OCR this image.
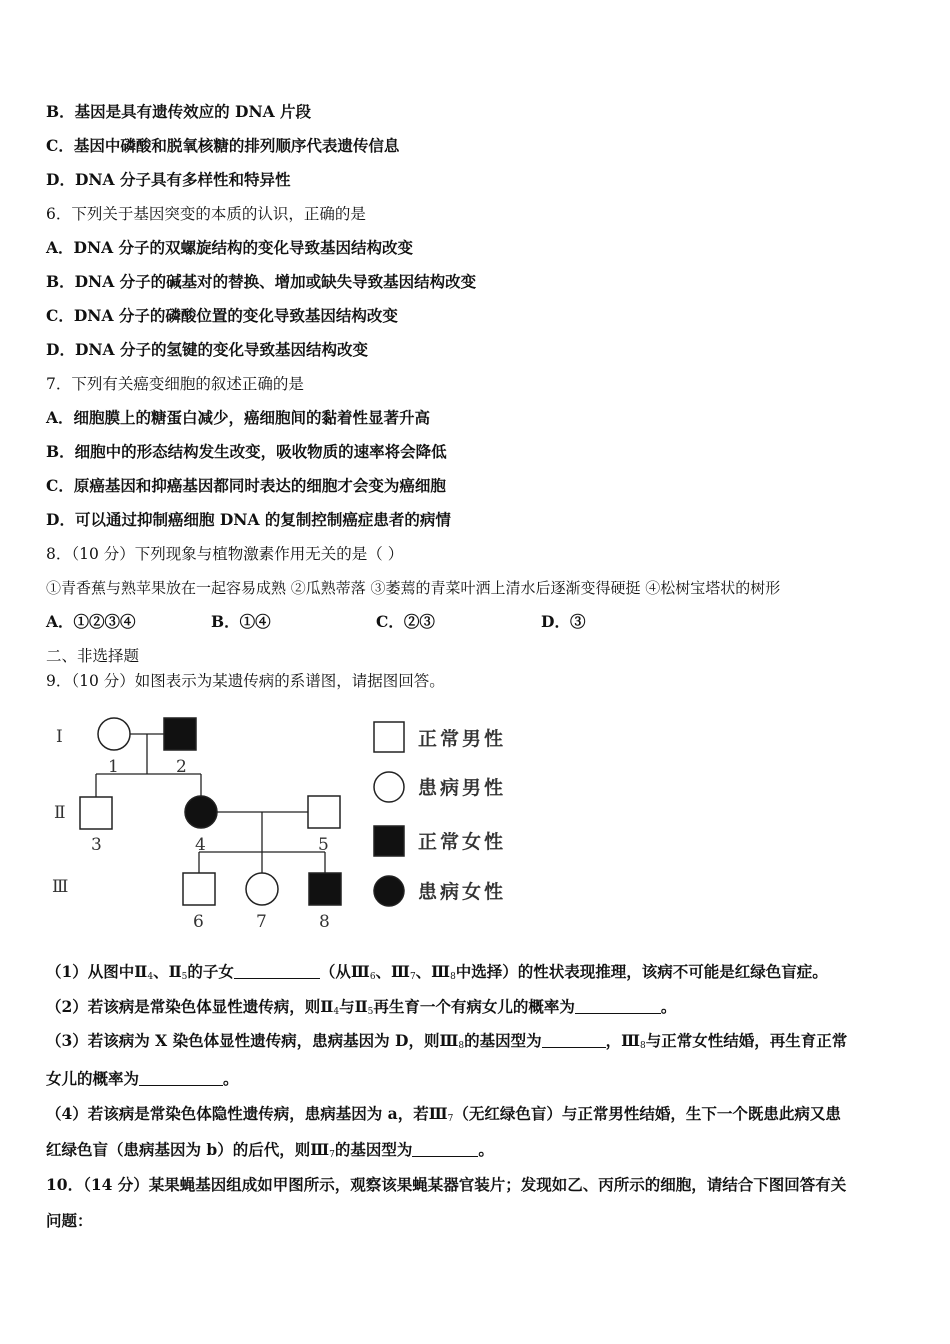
B．基因是具有遗传效应的 DNA 片段
C．基因中磷酸和脱氧核糖的排列顺序代表遗传信息
D．DNA 分子具有多样性和特异性
6．下列关于基因突变的本质的认识，正确的是
A．DNA 分子的双螺旋结构的变化导致基因结构改变
B．DNA 分子的碱基对的替换、增加或缺失导致基因结构改变
C．DNA 分子的磷酸位置的变化导致基因结构改变
D．DNA 分子的氢键的变化导致基因结构改变
7．下列有关癌变细胞的叙述正确的是
A．细胞膜上的糖蛋白减少，癌细胞间的黏着性显著升高
B．细胞中的形态结构发生改变，吸收物质的速率将会降低
C．原癌基因和抑癌基因都同时表达的细胞才会变为癌细胞
D．可以通过抑制癌细胞 DNA 的复制控制癌症患者的病情
8．（10 分）下列现象与植物激素作用无关的是（ ）
①青香蕉与熟苹果放在一起容易成熟 ②瓜熟蒂落 ③萎蔫的青菜叶洒上清水后逐渐变得硬挺 ④松树宝塔状的树形
A．①②③④	B．①④	C．②③	D．③
二、非选择题
9．（10 分）如图表示为某遗传病的系谱图，请据图回答。
Ⅰ
Ⅱ
Ⅲ
1	2
3	4	5
6	7	8
正常男性
患病男性
正常女性
患病女性
（1）从图中$Ⅱ_4$、$Ⅱ_5$的子女	（从$Ⅲ_6$、$Ⅲ_7$、$Ⅲ_8$中选择）的性状表现推理，该病不可能是红绿色盲症。
（2）若该病是常染色体显性遗传病，则$Ⅱ_4$与$Ⅱ_5$再生育一个有病女儿的概率为	。
（3）若该病为 X 染色体显性遗传病，患病基因为 D，则$Ⅲ_8$的基因型为	，$Ⅲ_8$与正常女性结婚，再生育正常
女儿的概率为	。
（4）若该病是常染色体隐性遗传病，患病基因为 a，若$Ⅲ_7$（无红绿色盲）与正常男性结婚，生下一个既患此病又患
红绿色盲（患病基因为 b）的后代，则$Ⅲ_7$的基因型为	。
10．（14 分）某果蝇基因组成如甲图所示，观察该果蝇某器官装片；发现如乙、丙所示的细胞，请结合下图回答有关
问题：
